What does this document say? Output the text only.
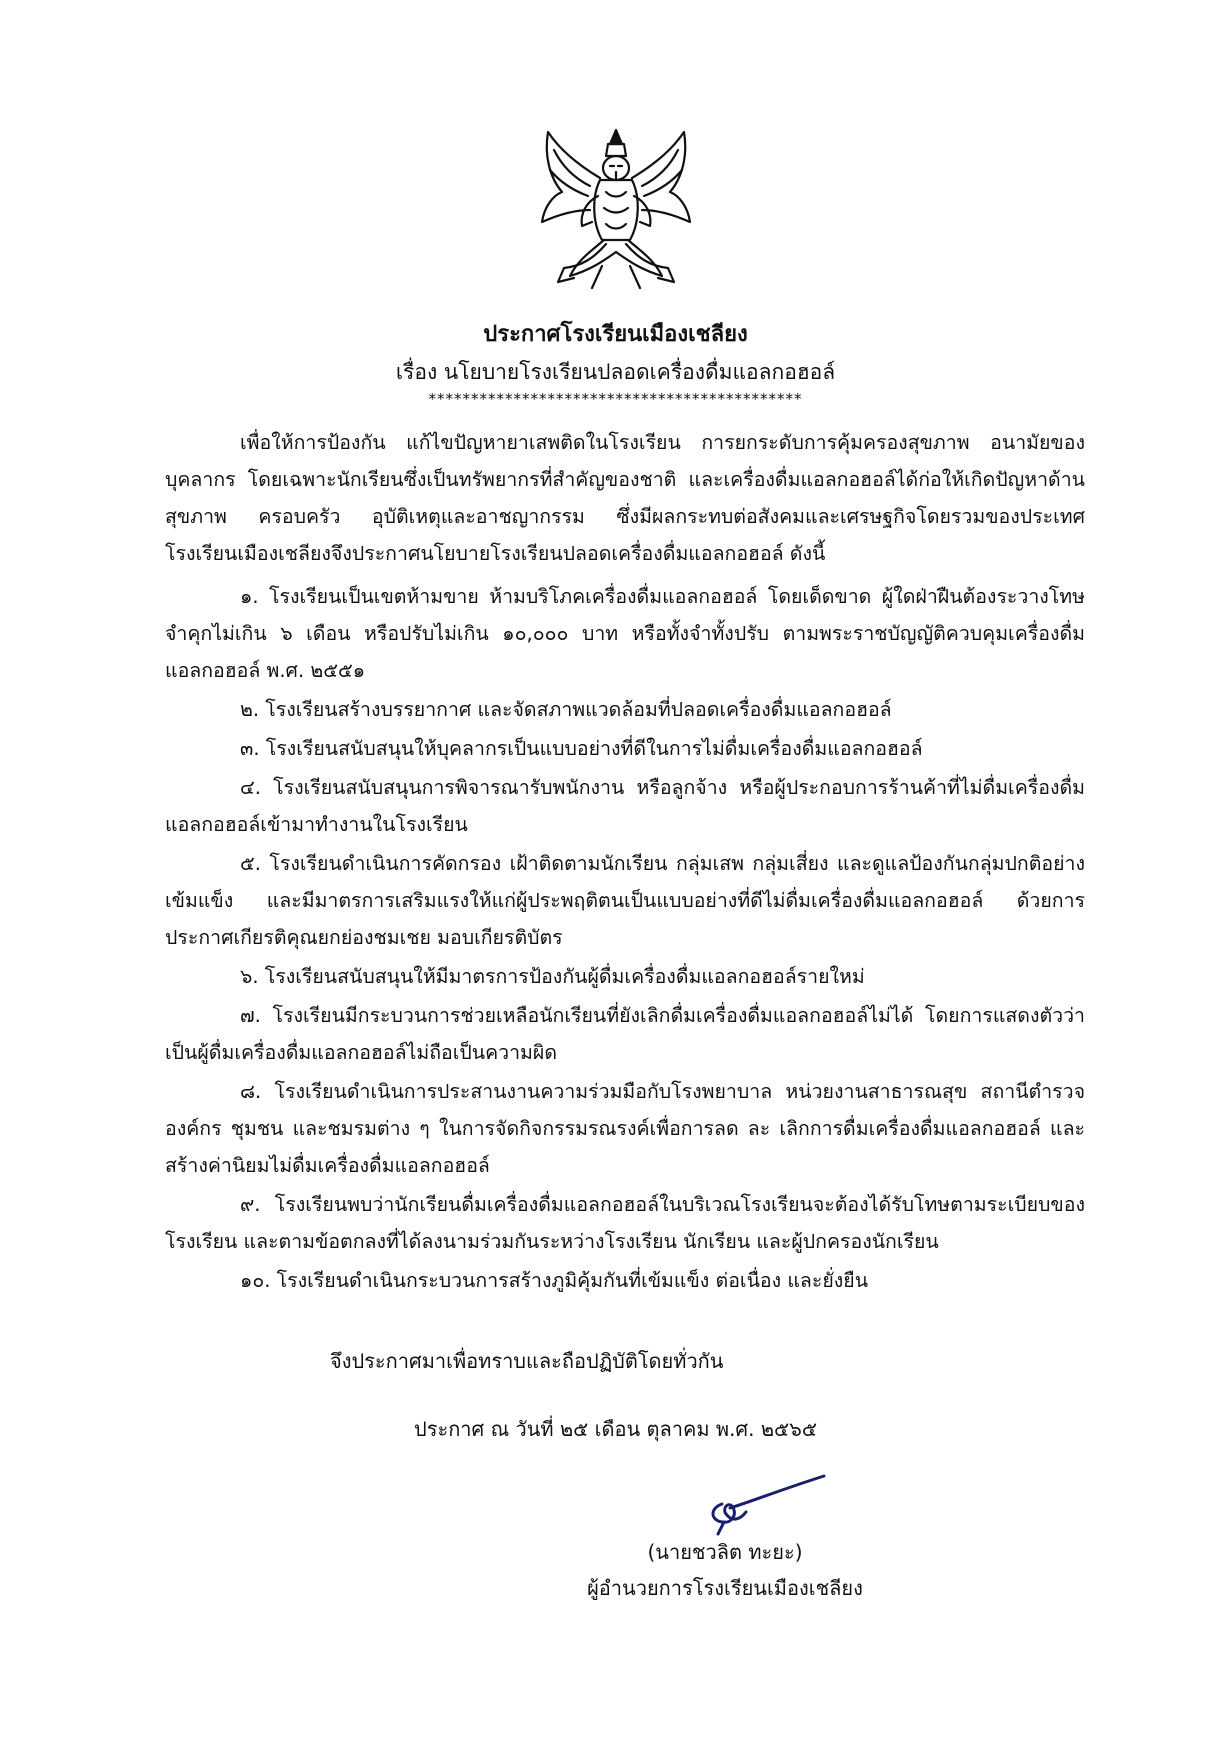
ประกาศโรงเรียนเมืองเชลียง
เรื่อง นโยบายโรงเรียนปลอดเครื่องดื่มแอลกอฮอล์
********************************************

เพื่อให้การป้องกัน แก้ไขปัญหายาเสพติดในโรงเรียน การยกระดับการคุ้มครองสุขภาพ อนามัยของบุคลากร โดยเฉพาะนักเรียนซึ่งเป็นทรัพยากรที่สำคัญของชาติ และเครื่องดื่มแอลกอฮอล์ได้ก่อให้เกิดปัญหาด้านสุขภาพ ครอบครัว อุบัติเหตุและอาชญากรรม ซึ่งมีผลกระทบต่อสังคมและเศรษฐกิจโดยรวมของประเทศ โรงเรียนเมืองเชลียงจึงประกาศนโยบายโรงเรียนปลอดเครื่องดื่มแอลกอฮอล์ ดังนี้

๑. โรงเรียนเป็นเขตห้ามขาย ห้ามบริโภคเครื่องดื่มแอลกอฮอล์ โดยเด็ดขาด ผู้ใดฝ่าฝืนต้องระวางโทษ จำคุกไม่เกิน ๖ เดือน หรือปรับไม่เกิน ๑๐,๐๐๐ บาท หรือทั้งจำทั้งปรับ ตามพระราชบัญญัติควบคุมเครื่องดื่มแอลกอฮอล์ พ.ศ. ๒๕๕๑

๒. โรงเรียนสร้างบรรยากาศ และจัดสภาพแวดล้อมที่ปลอดเครื่องดื่มแอลกอฮอล์

๓. โรงเรียนสนับสนุนให้บุคลากรเป็นแบบอย่างที่ดีในการไม่ดื่มเครื่องดื่มแอลกอฮอล์

๔. โรงเรียนสนับสนุนการพิจารณารับพนักงาน หรือลูกจ้าง หรือผู้ประกอบการร้านค้าที่ไม่ดื่มเครื่องดื่มแอลกอฮอล์เข้ามาทำงานในโรงเรียน

๕. โรงเรียนดำเนินการคัดกรอง เฝ้าติดตามนักเรียน กลุ่มเสพ กลุ่มเสี่ยง และดูแลป้องกันกลุ่มปกติอย่างเข้มแข็ง และมีมาตรการเสริมแรงให้แก่ผู้ประพฤติตนเป็นแบบอย่างที่ดีไม่ดื่มเครื่องดื่มแอลกอฮอล์ ด้วยการประกาศเกียรติคุณยกย่องชมเชย มอบเกียรติบัตร

๖. โรงเรียนสนับสนุนให้มีมาตรการป้องกันผู้ดื่มเครื่องดื่มแอลกอฮอล์รายใหม่

๗. โรงเรียนมีกระบวนการช่วยเหลือนักเรียนที่ยังเลิกดื่มเครื่องดื่มแอลกอฮอล์ไม่ได้ โดยการแสดงตัวว่าเป็นผู้ดื่มเครื่องดื่มแอลกอฮอล์ไม่ถือเป็นความผิด

๘. โรงเรียนดำเนินการประสานงานความร่วมมือกับโรงพยาบาล หน่วยงานสาธารณสุข สถานีตำรวจ องค์กร ชุมชน และชมรมต่าง ๆ ในการจัดกิจกรรมรณรงค์เพื่อการลด ละ เลิกการดื่มเครื่องดื่มแอลกอฮอล์ และสร้างค่านิยมไม่ดื่มเครื่องดื่มแอลกอฮอล์

๙. โรงเรียนพบว่านักเรียนดื่มเครื่องดื่มแอลกอฮอล์ในบริเวณโรงเรียนจะต้องได้รับโทษตามระเบียบของโรงเรียน และตามข้อตกลงที่ได้ลงนามร่วมกันระหว่างโรงเรียน นักเรียน และผู้ปกครองนักเรียน

๑๐. โรงเรียนดำเนินกระบวนการสร้างภูมิคุ้มกันที่เข้มแข็ง ต่อเนื่อง และยั่งยืน

จึงประกาศมาเพื่อทราบและถือปฏิบัติโดยทั่วกัน
ประกาศ ณ วันที่ ๒๕ เดือน ตุลาคม พ.ศ. ๒๕๖๕
(นายชวลิต ทะยะ)
ผู้อำนวยการโรงเรียนเมืองเชลียง
